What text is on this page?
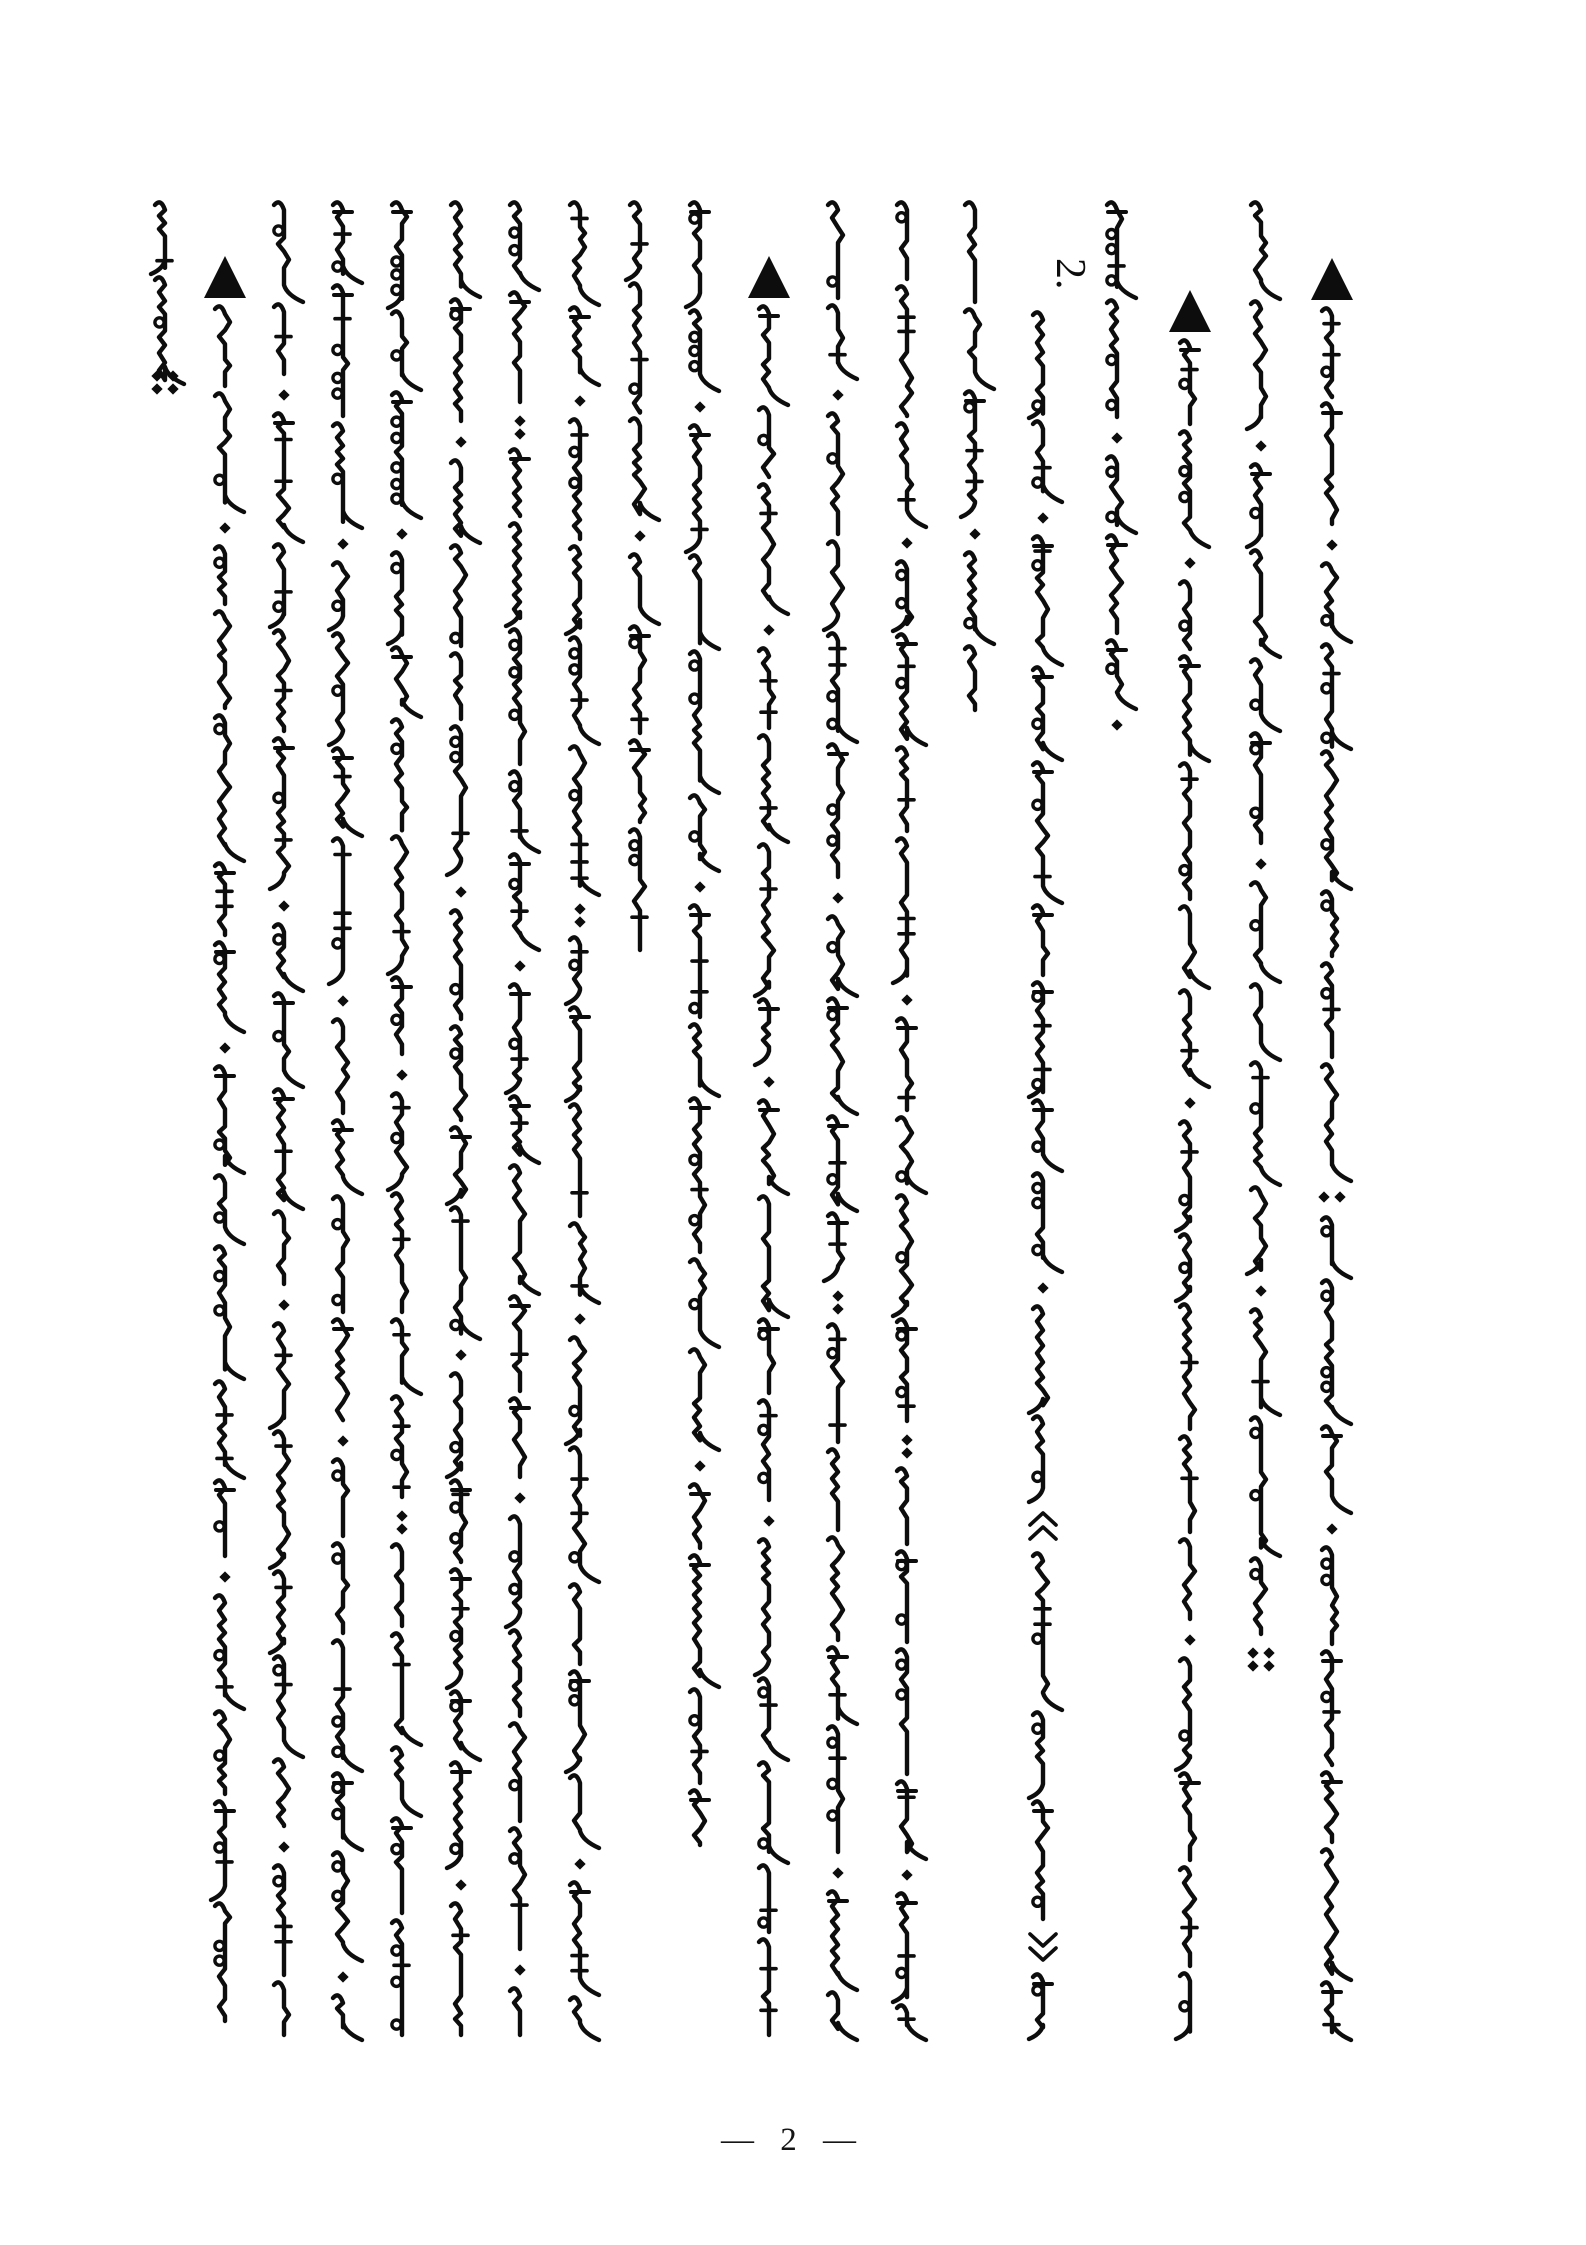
2.
— 2 —
